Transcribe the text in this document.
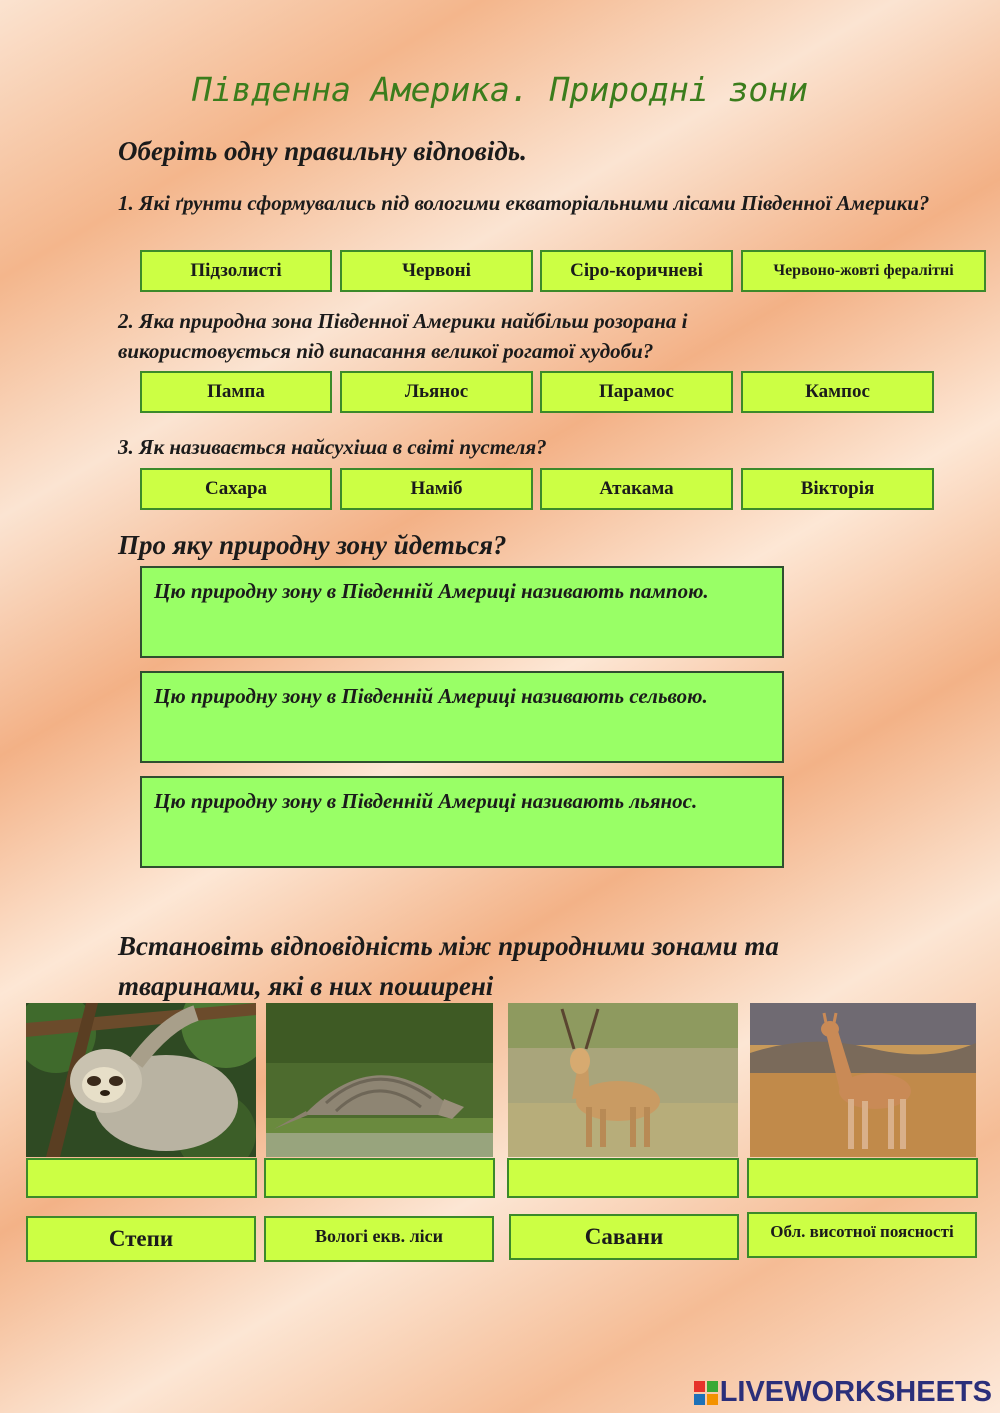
Південна Америка. Природні зони
Оберіть одну правильну відповідь.
1. Які ґрунти сформувались під вологими екваторіальними лісами Південної Америки?
Підзолисті	Червоні	Сіро-коричневі	Червоно-жовті фералітні
2. Яка природна зона Південної Америки найбільш розорана і використовується під випасання великої рогатої худоби?
Пампа	Льянос	Парамос	Кампос
3. Як називається найсухіша в світі пустеля?
Сахара	Наміб	Атакама	Вікторія
Про яку природну зону йдеться?
Цю природну зону в Південній Америці називають пампою.
Цю природну зону в Південній Америці називають сельвою.
Цю природну зону в Південній Америці називають льянос.
Встановіть відповідність між природними зонами та тваринами, які в них поширені
Степи	Вологі екв. ліси	Савани	Обл. висотної поясності
LIVEWORKSHEETS
